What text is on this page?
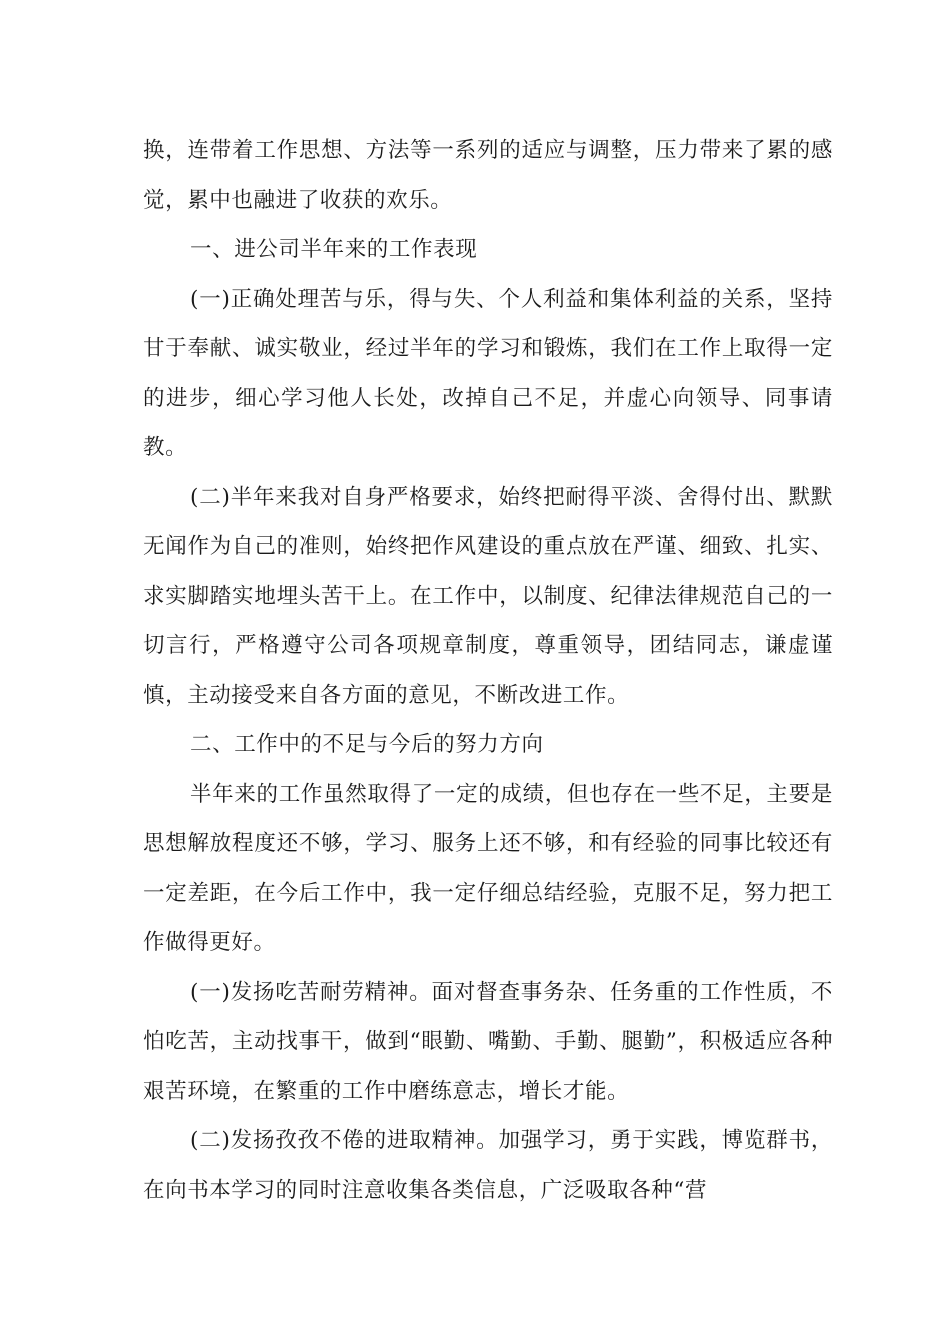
换，连带着工作思想、方法等一系列的适应与调整，压力带来了累的感觉，累中也融进了收获的欢乐。

一、进公司半年来的工作表现

(一)正确处理苦与乐，得与失、个人利益和集体利益的关系，坚持甘于奉献、诚实敬业，经过半年的学习和锻炼，我们在工作上取得一定的进步，细心学习他人长处，改掉自己不足，并虚心向领导、同事请教。

(二)半年来我对自身严格要求，始终把耐得平淡、舍得付出、默默无闻作为自己的准则，始终把作风建设的重点放在严谨、细致、扎实、求实脚踏实地埋头苦干上。在工作中，以制度、纪律法律规范自己的一切言行，严格遵守公司各项规章制度，尊重领导，团结同志，谦虚谨慎，主动接受来自各方面的意见，不断改进工作。

二、工作中的不足与今后的努力方向

半年来的工作虽然取得了一定的成绩，但也存在一些不足，主要是思想解放程度还不够，学习、服务上还不够，和有经验的同事比较还有一定差距，在今后工作中，我一定仔细总结经验，克服不足，努力把工作做得更好。

(一)发扬吃苦耐劳精神。面对督查事务杂、任务重的工作性质，不怕吃苦，主动找事干，做到“眼勤、嘴勤、手勤、腿勤”，积极适应各种艰苦环境，在繁重的工作中磨练意志，增长才能。

(二)发扬孜孜不倦的进取精神。加强学习，勇于实践，博览群书，在向书本学习的同时注意收集各类信息，广泛吸取各种“营
